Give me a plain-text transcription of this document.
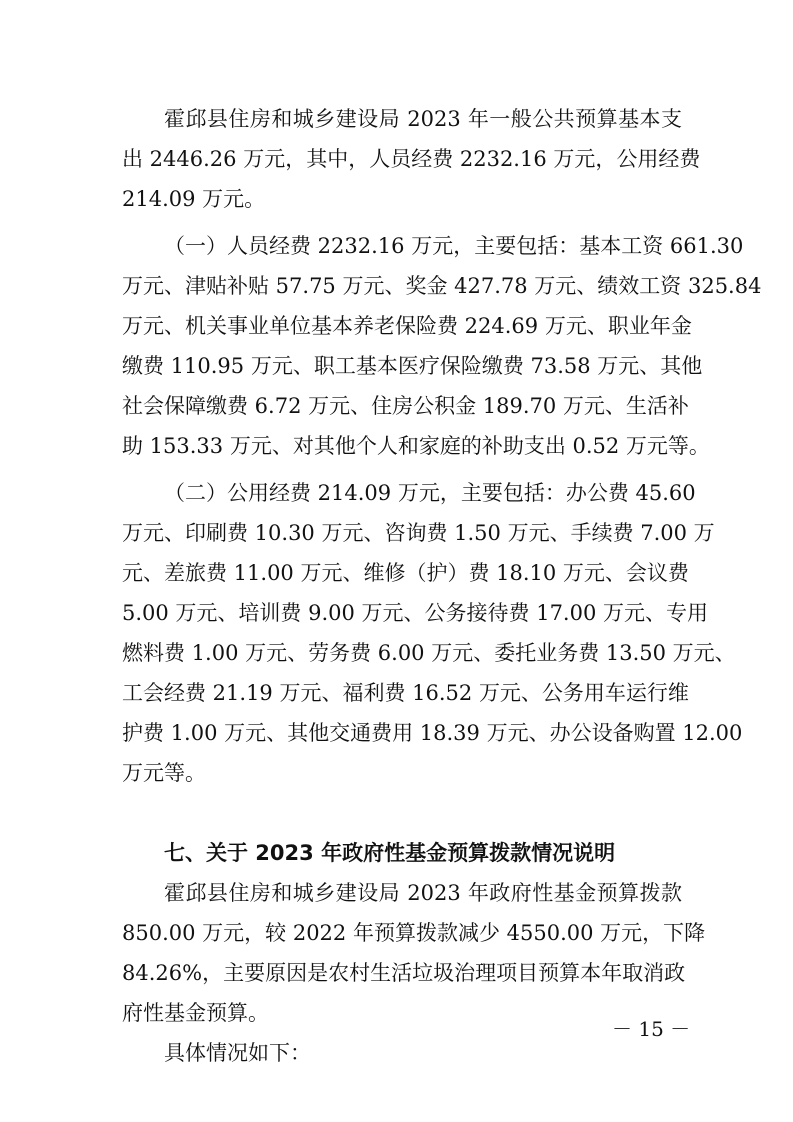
霍邱县住房和城乡建设局 2023 年一般公共预算基本支
出 2446.26 万元，其中，人员经费 2232.16 万元，公用经费
214.09 万元。
（一）人员经费 2232.16 万元，主要包括：基本工资 661.30
万元、津贴补贴 57.75 万元、奖金 427.78 万元、绩效工资 325.84
万元、机关事业单位基本养老保险费 224.69 万元、职业年金
缴费 110.95 万元、职工基本医疗保险缴费 73.58 万元、其他
社会保障缴费 6.72 万元、住房公积金 189.70 万元、生活补
助 153.33 万元、对其他个人和家庭的补助支出 0.52 万元等。
（二）公用经费 214.09 万元，主要包括：办公费 45.60
万元、印刷费 10.30 万元、咨询费 1.50 万元、手续费 7.00 万
元、差旅费 11.00 万元、维修（护）费 18.10 万元、会议费
5.00 万元、培训费 9.00 万元、公务接待费 17.00 万元、专用
燃料费 1.00 万元、劳务费 6.00 万元、委托业务费 13.50 万元、
工会经费 21.19 万元、福利费 16.52 万元、公务用车运行维
护费 1.00 万元、其他交通费用 18.39 万元、办公设备购置 12.00
万元等。
七、关于 2023 年政府性基金预算拨款情况说明
霍邱县住房和城乡建设局 2023 年政府性基金预算拨款
850.00 万元，较 2022 年预算拨款减少 4550.00 万元，下降
84.26%，主要原因是农村生活垃圾治理项目预算本年取消政
府性基金预算。
具体情况如下：
－ 15 －
